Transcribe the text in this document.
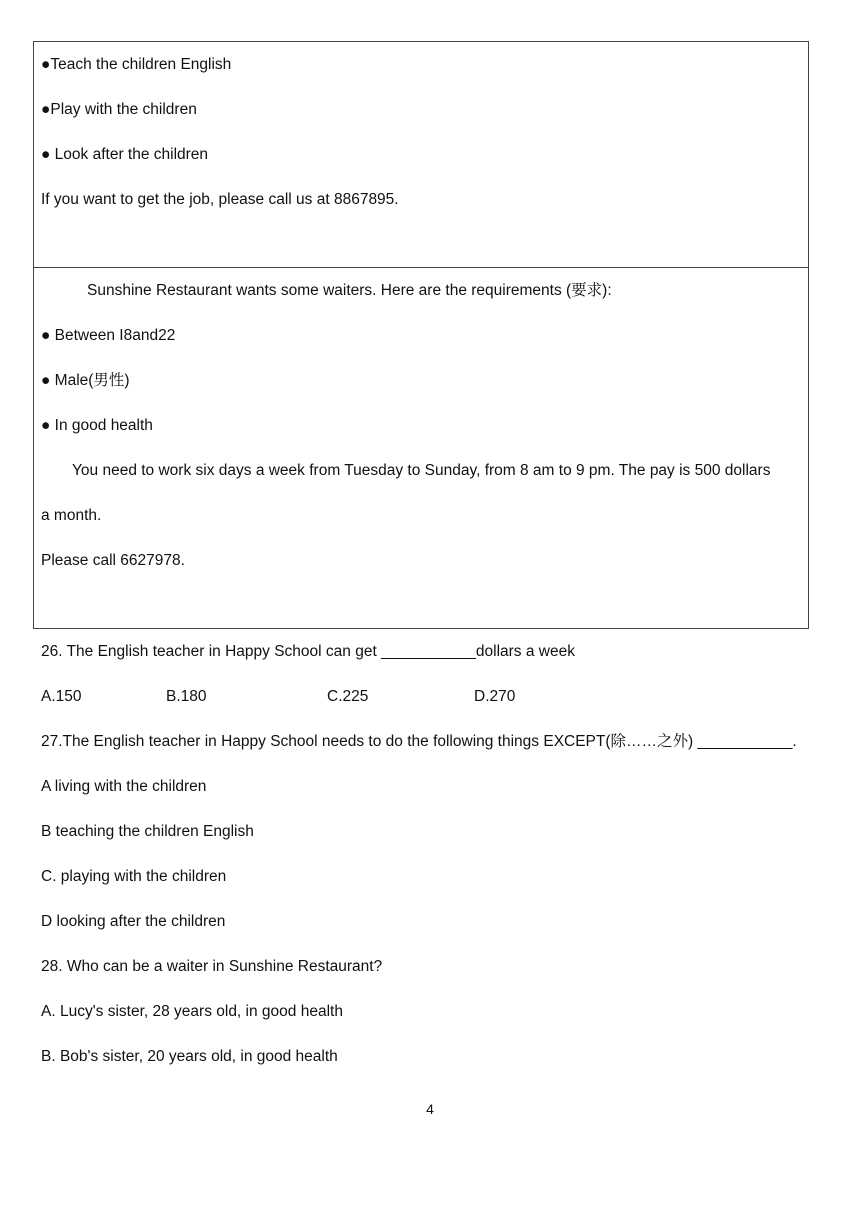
●Teach the children English
●Play with the children
● Look after the children
If you want to get the job, please call us at 8867895.
Sunshine Restaurant wants some waiters. Here are the requirements (要求):
● Between I8and22
● Male(男性)
● In good health
You need to work six days a week from Tuesday to Sunday, from 8 am to 9 pm. The pay is 500 dollars
a month.
Please call 6627978.
26. The English teacher in Happy School can get ___________dollars a week
A.150	B.180	C.225	D.270
27.The English teacher in Happy School needs to do the following things EXCEPT(除……之外) ___________.
A living with the children
B teaching the children English
C. playing with the children
D looking after the children
28. Who can be a waiter in Sunshine Restaurant?
A. Lucy's sister, 28 years old, in good health
B. Bob's sister, 20 years old, in good health
4
